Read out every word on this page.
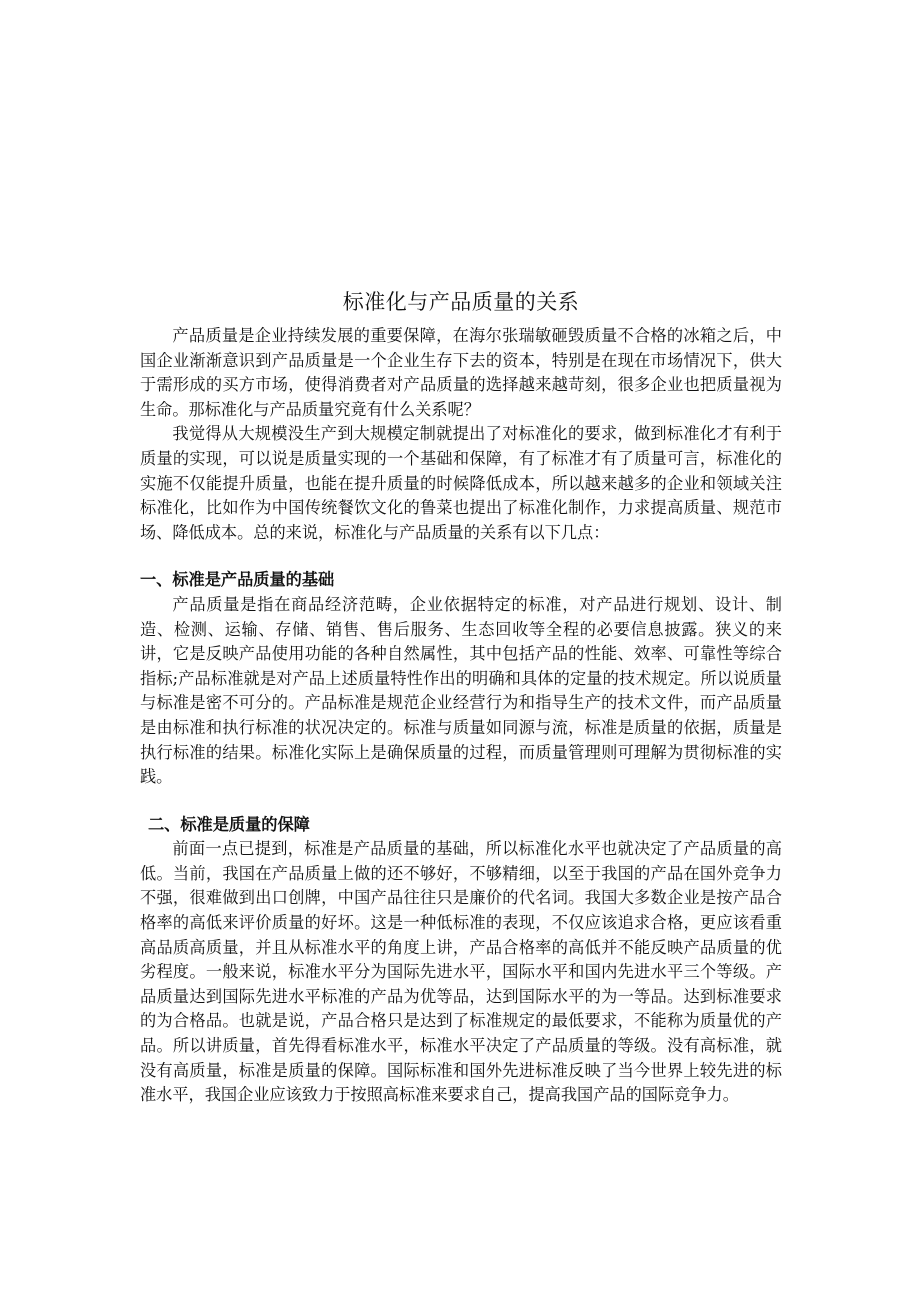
标准化与产品质量的关系

产品质量是企业持续发展的重要保障，在海尔张瑞敏砸毁质量不合格的冰箱之后，中国企业渐渐意识到产品质量是一个企业生存下去的资本，特别是在现在市场情况下，供大于需形成的买方市场，使得消费者对产品质量的选择越来越苛刻，很多企业也把质量视为生命。那标准化与产品质量究竟有什么关系呢？

我觉得从大规模没生产到大规模定制就提出了对标准化的要求，做到标准化才有利于质量的实现，可以说是质量实现的一个基础和保障，有了标准才有了质量可言，标准化的实施不仅能提升质量，也能在提升质量的时候降低成本，所以越来越多的企业和领域关注标准化，比如作为中国传统餐饮文化的鲁菜也提出了标准化制作，力求提高质量、规范市场、降低成本。总的来说，标准化与产品质量的关系有以下几点：

一、标准是产品质量的基础

产品质量是指在商品经济范畴，企业依据特定的标准，对产品进行规划、设计、制造、检测、运输、存储、销售、售后服务、生态回收等全程的必要信息披露。狭义的来讲，它是反映产品使用功能的各种自然属性，其中包括产品的性能、效率、可靠性等综合指标;产品标准就是对产品上述质量特性作出的明确和具体的定量的技术规定。所以说质量与标准是密不可分的。产品标准是规范企业经营行为和指导生产的技术文件，而产品质量是由标准和执行标准的状况决定的。标准与质量如同源与流，标准是质量的依据，质量是执行标准的结果。标准化实际上是确保质量的过程，而质量管理则可理解为贯彻标准的实践。

二、标准是质量的保障

前面一点已提到，标准是产品质量的基础，所以标准化水平也就决定了产品质量的高低。当前，我国在产品质量上做的还不够好，不够精细，以至于我国的产品在国外竞争力不强，很难做到出口创牌，中国产品往往只是廉价的代名词。我国大多数企业是按产品合格率的高低来评价质量的好坏。这是一种低标准的表现，不仅应该追求合格，更应该看重高品质高质量，并且从标准水平的角度上讲，产品合格率的高低并不能反映产品质量的优劣程度。一般来说，标准水平分为国际先进水平，国际水平和国内先进水平三个等级。产品质量达到国际先进水平标准的产品为优等品，达到国际水平的为一等品。达到标准要求的为合格品。也就是说，产品合格只是达到了标准规定的最低要求，不能称为质量优的产品。所以讲质量，首先得看标准水平，标准水平决定了产品质量的等级。没有高标准，就没有高质量，标准是质量的保障。国际标准和国外先进标准反映了当今世界上较先进的标准水平，我国企业应该致力于按照高标准来要求自己，提高我国产品的国际竞争力。
